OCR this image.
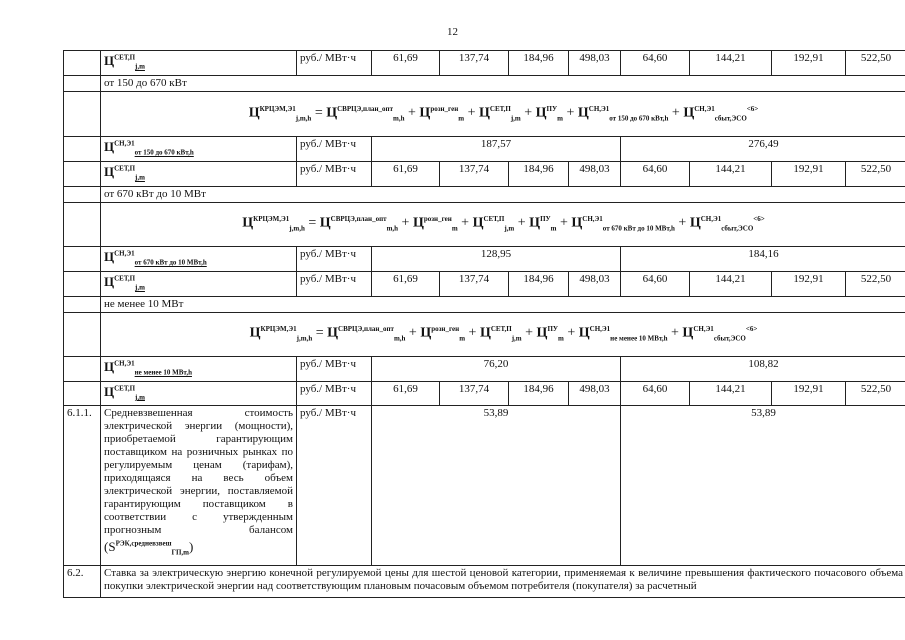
12
	$Ц^{СЕТ,П}_{j,m}$	руб./ МВт·ч	61,69	137,74	184,96	498,03	64,60	144,21	192,91	522,50
	от 150 до 670 кВт									
	$Ц^{КРЦЭМ,Э1}_{j,m,h} = Ц^{СВРЦЭ,план\_опт}_{m,h} + Ц^{розн\_ген}_m + Ц^{СЕТ,П}_{j,m} + Ц^{ПУ}_m + Ц^{СН,Э1}_{от 150 до 670 кВт,h} + Ц^{СН,Э1}_{сбыт,ЭСО}^{<6>}$
	$Ц^{СН,Э1}_{от 150 до 670 кВт,h}$	руб./ МВт·ч	187,57				276,49			
	$Ц^{СЕТ,П}_{j,m}$	руб./ МВт·ч	61,69	137,74	184,96	498,03	64,60	144,21	192,91	522,50
	от 670 кВт до 10 МВт									
	$Ц^{КРЦЭМ,Э1}_{j,m,h} = Ц^{СВРЦЭ,план\_опт}_{m,h} + Ц^{розн\_ген}_m + Ц^{СЕТ,П}_{j,m} + Ц^{ПУ}_m + Ц^{СН,Э1}_{от 670 кВт до 10 МВт,h} + Ц^{СН,Э1}_{сбыт,ЭСО}^{<6>}$
	$Ц^{СН,Э1}_{от 670 кВт до 10 МВт,h}$	руб./ МВт·ч	128,95				184,16			
	$Ц^{СЕТ,П}_{j,m}$	руб./ МВт·ч	61,69	137,74	184,96	498,03	64,60	144,21	192,91	522,50
	не менее 10 МВт									
	$Ц^{КРЦЭМ,Э1}_{j,m,h} = Ц^{СВРЦЭ,план\_опт}_{m,h} + Ц^{розн\_ген}_m + Ц^{СЕТ,П}_{j,m} + Ц^{ПУ}_m + Ц^{СН,Э1}_{не менее 10 МВт,h} + Ц^{СН,Э1}_{сбыт,ЭСО}^{<6>}$
	$Ц^{СН,Э1}_{не менее 10 МВт,h}$	руб./ МВт·ч	76,20				108,82			
	$Ц^{СЕТ,П}_{j,m}$	руб./ МВт·ч	61,69	137,74	184,96	498,03	64,60	144,21	192,91	522,50
6.1.1.	Средневзвешенная стоимость электрической энергии (мощности), приобретаемой гарантирующим поставщиком на розничных рынках по регулируемым ценам (тарифам), приходящаяся на весь объем электрической энергии, поставляемой гарантирующим поставщиком в соответствии с утвержденным прогнозным балансом $(S^{РЭК,средневзвеш}_{ГП,m})$	руб./ МВт·ч	53,89				53,89			
6.2.	Ставка за электрическую энергию конечной регулируемой цены для шестой ценовой категории, применяемая к величине превышения фактического почасового объема покупки электрической энергии над соответствующим плановым почасовым объемом потребителя (покупателя) за расчетный									
